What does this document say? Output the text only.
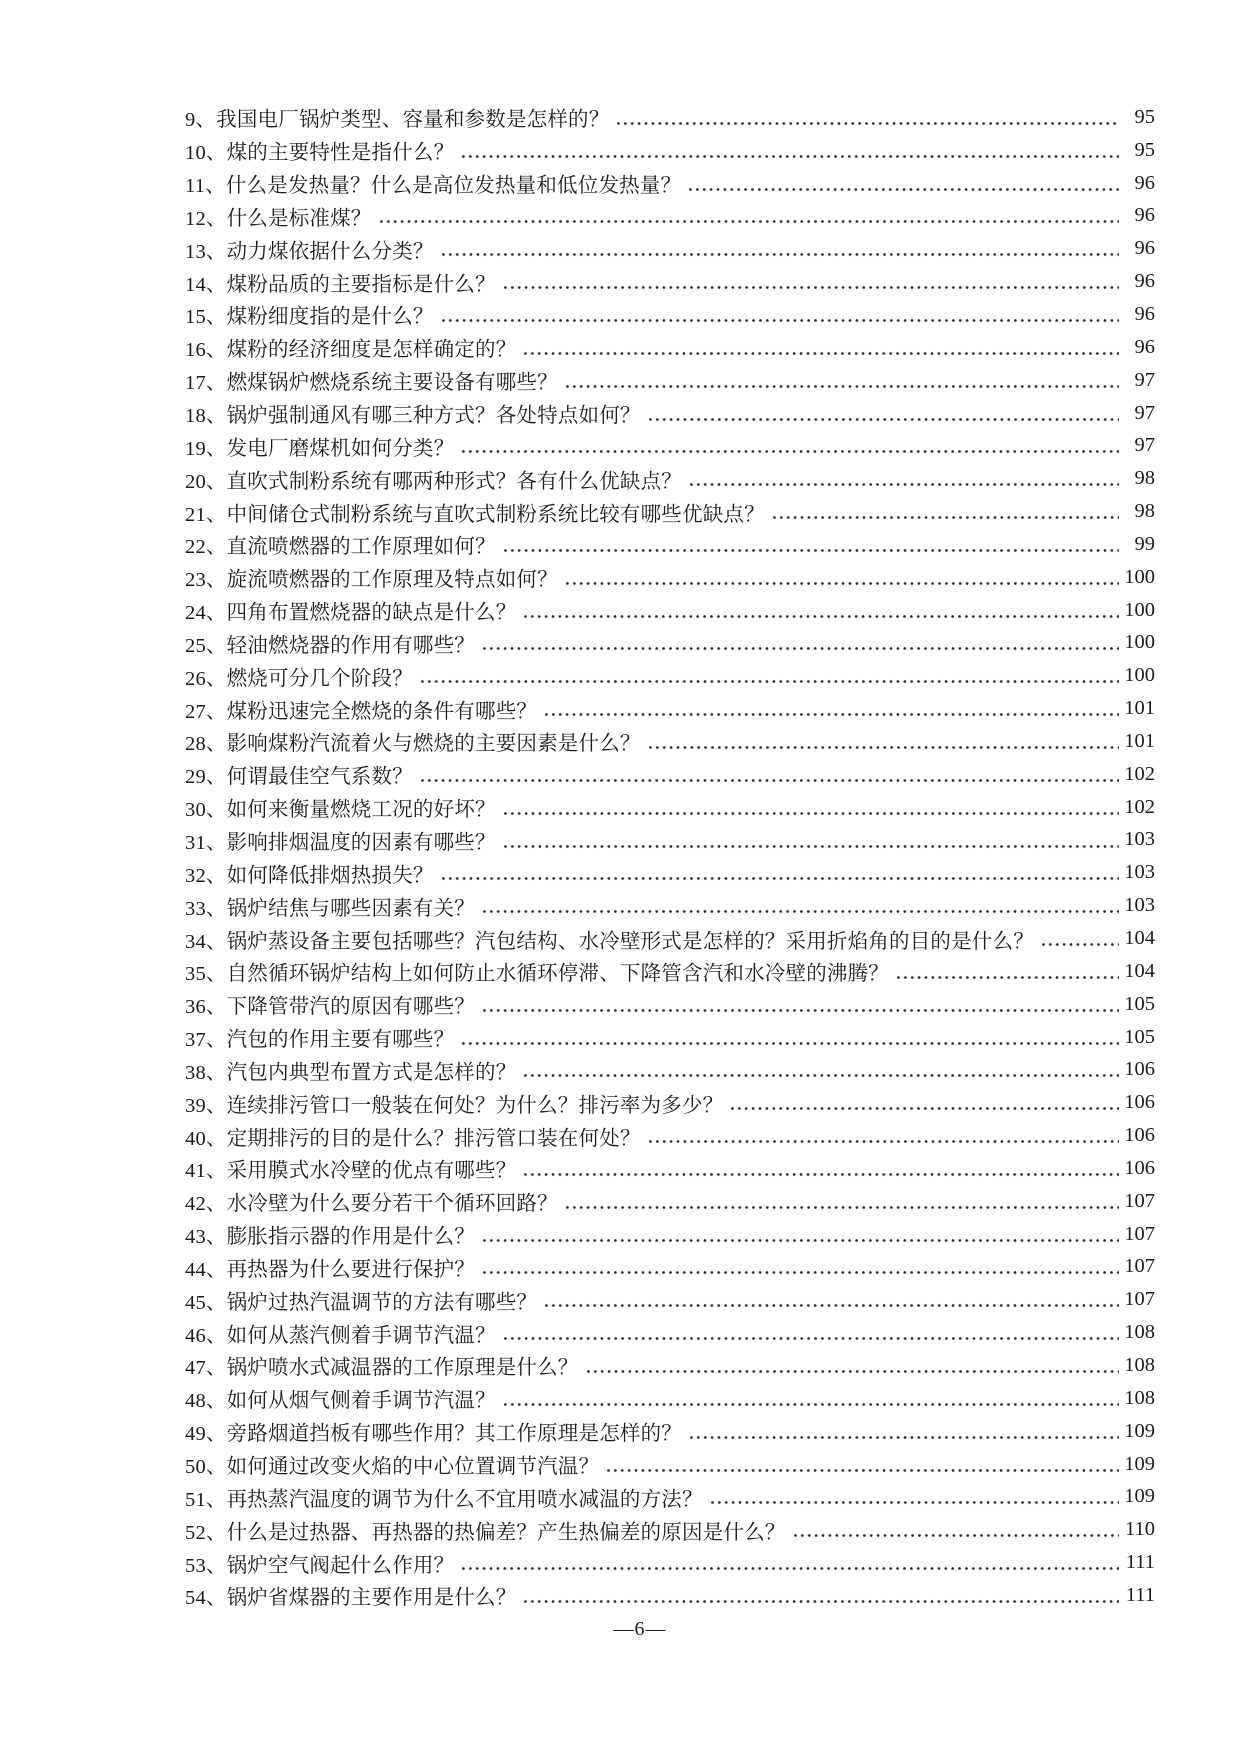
9、我国电厂锅炉类型、容量和参数是怎样的？	95
10、煤的主要特性是指什么？	95
11、什么是发热量？什么是高位发热量和低位发热量？	96
12、什么是标准煤？	96
13、动力煤依据什么分类？	96
14、煤粉品质的主要指标是什么？	96
15、煤粉细度指的是什么？	96
16、煤粉的经济细度是怎样确定的？	96
17、燃煤锅炉燃烧系统主要设备有哪些？	97
18、锅炉强制通风有哪三种方式？各处特点如何？	97
19、发电厂磨煤机如何分类？	97
20、直吹式制粉系统有哪两种形式？各有什么优缺点？	98
21、中间储仓式制粉系统与直吹式制粉系统比较有哪些优缺点？	98
22、直流喷燃器的工作原理如何？	99
23、旋流喷燃器的工作原理及特点如何？	100
24、四角布置燃烧器的缺点是什么？	100
25、轻油燃烧器的作用有哪些？	100
26、燃烧可分几个阶段？	100
27、煤粉迅速完全燃烧的条件有哪些？	101
28、影响煤粉汽流着火与燃烧的主要因素是什么？	101
29、何谓最佳空气系数？	102
30、如何来衡量燃烧工况的好坏？	102
31、影响排烟温度的因素有哪些？	103
32、如何降低排烟热损失？	103
33、锅炉结焦与哪些因素有关？	103
34、锅炉蒸设备主要包括哪些？汽包结构、水冷壁形式是怎样的？采用折焰角的目的是什么？	104
35、自然循环锅炉结构上如何防止水循环停滞、下降管含汽和水冷壁的沸腾？	104
36、下降管带汽的原因有哪些？	105
37、汽包的作用主要有哪些？	105
38、汽包内典型布置方式是怎样的？	106
39、连续排污管口一般装在何处？为什么？排污率为多少？	106
40、定期排污的目的是什么？排污管口装在何处？	106
41、采用膜式水冷壁的优点有哪些？	106
42、水冷壁为什么要分若干个循环回路？	107
43、膨胀指示器的作用是什么？	107
44、再热器为什么要进行保护？	107
45、锅炉过热汽温调节的方法有哪些？	107
46、如何从蒸汽侧着手调节汽温？	108
47、锅炉喷水式减温器的工作原理是什么？	108
48、如何从烟气侧着手调节汽温？	108
49、旁路烟道挡板有哪些作用？其工作原理是怎样的？	109
50、如何通过改变火焰的中心位置调节汽温？	109
51、再热蒸汽温度的调节为什么不宜用喷水减温的方法？	109
52、什么是过热器、再热器的热偏差？产生热偏差的原因是什么？	110
53、锅炉空气阀起什么作用？	111
54、锅炉省煤器的主要作用是什么？	111
—6—
